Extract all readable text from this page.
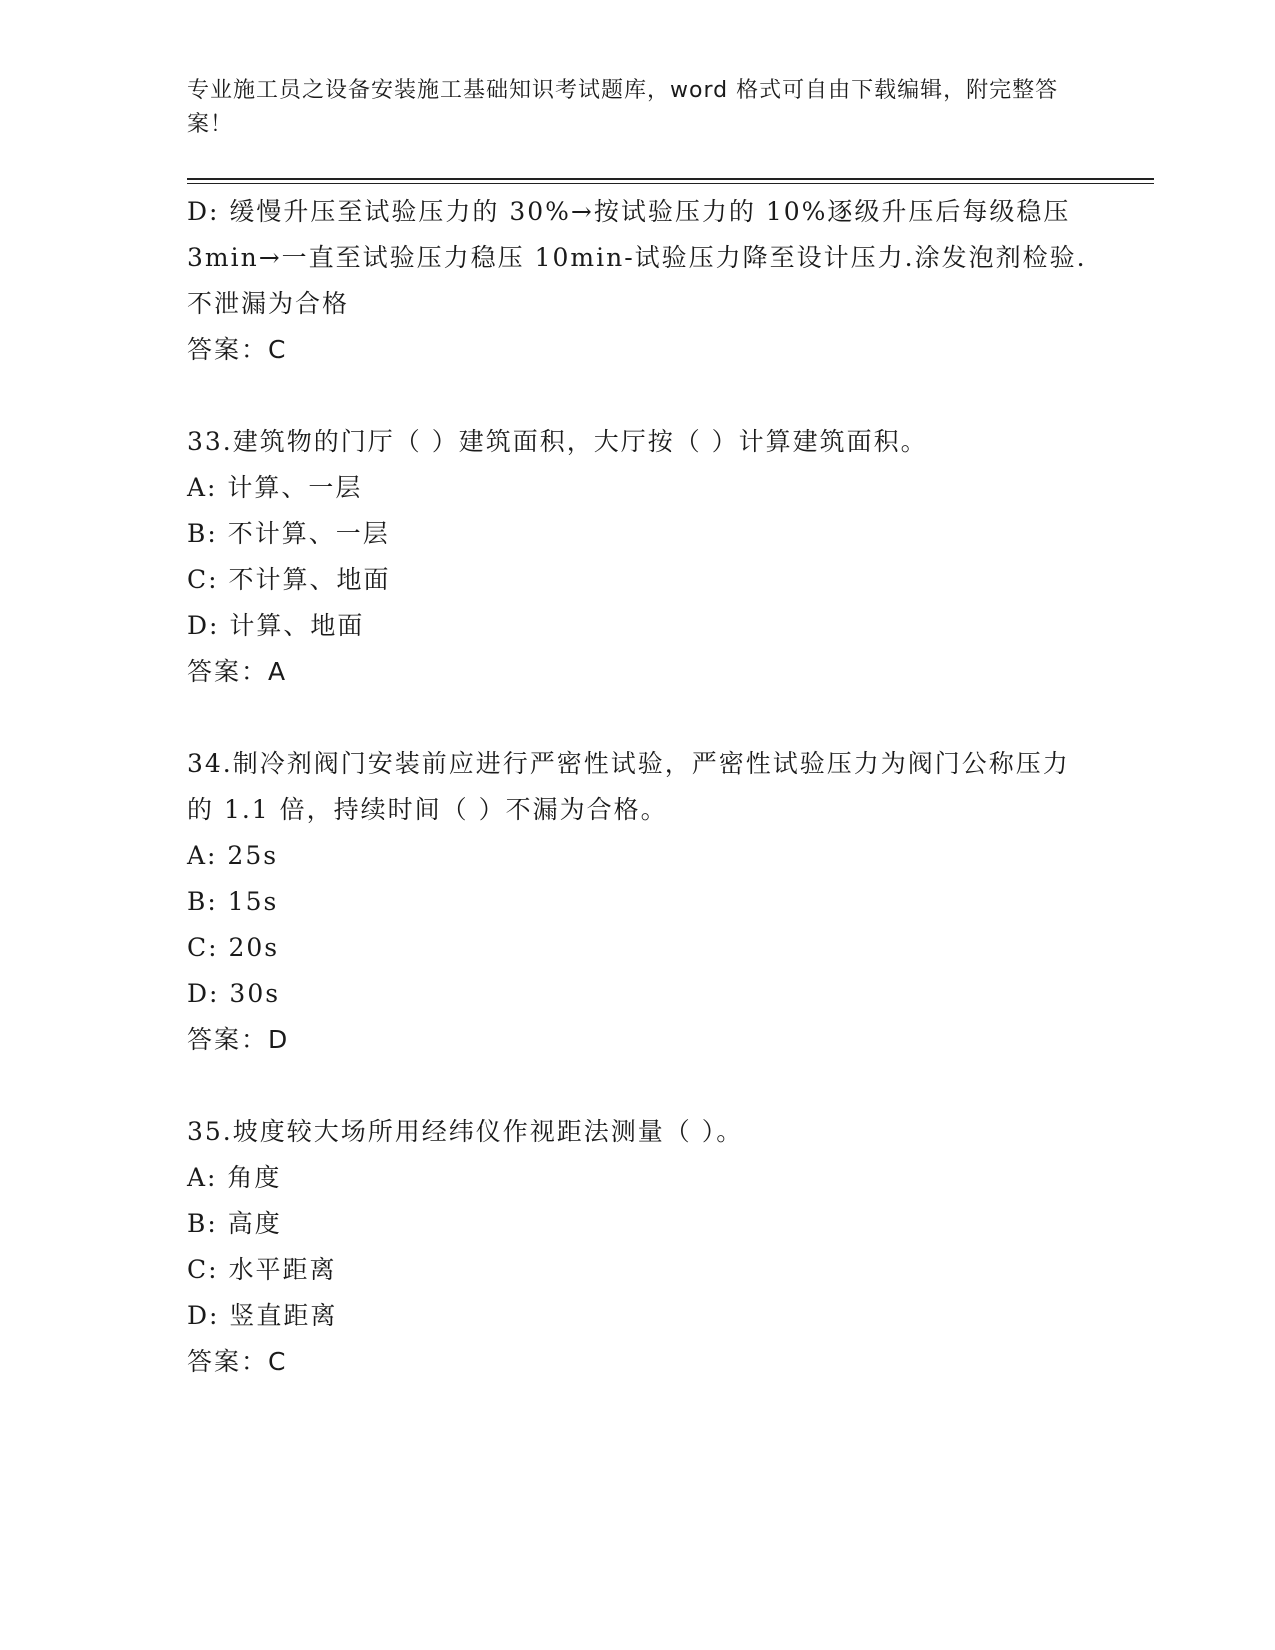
专业施工员之设备安装施工基础知识考试题库，word 格式可自由下载编辑，附完整答案！

D: 缓慢升压至试验压力的 30%→按试验压力的 10%逐级升压后每级稳压 3min→一直至试验压力稳压 10min-试验压力降至设计压力.涂发泡剂检验.不泄漏为合格

答案：C

33.建筑物的门厅（ ）建筑面积，大厅按（ ）计算建筑面积。

A: 计算、一层

B: 不计算、一层

C: 不计算、地面

D: 计算、地面

答案：A

34.制冷剂阀门安装前应进行严密性试验，严密性试验压力为阀门公称压力的 1.1 倍，持续时间（ ）不漏为合格。

A: 25s

B: 15s

C: 20s

D: 30s

答案：D

35.坡度较大场所用经纬仪作视距法测量（ ）。

A: 角度

B: 高度

C: 水平距离

D: 竖直距离

答案：C
